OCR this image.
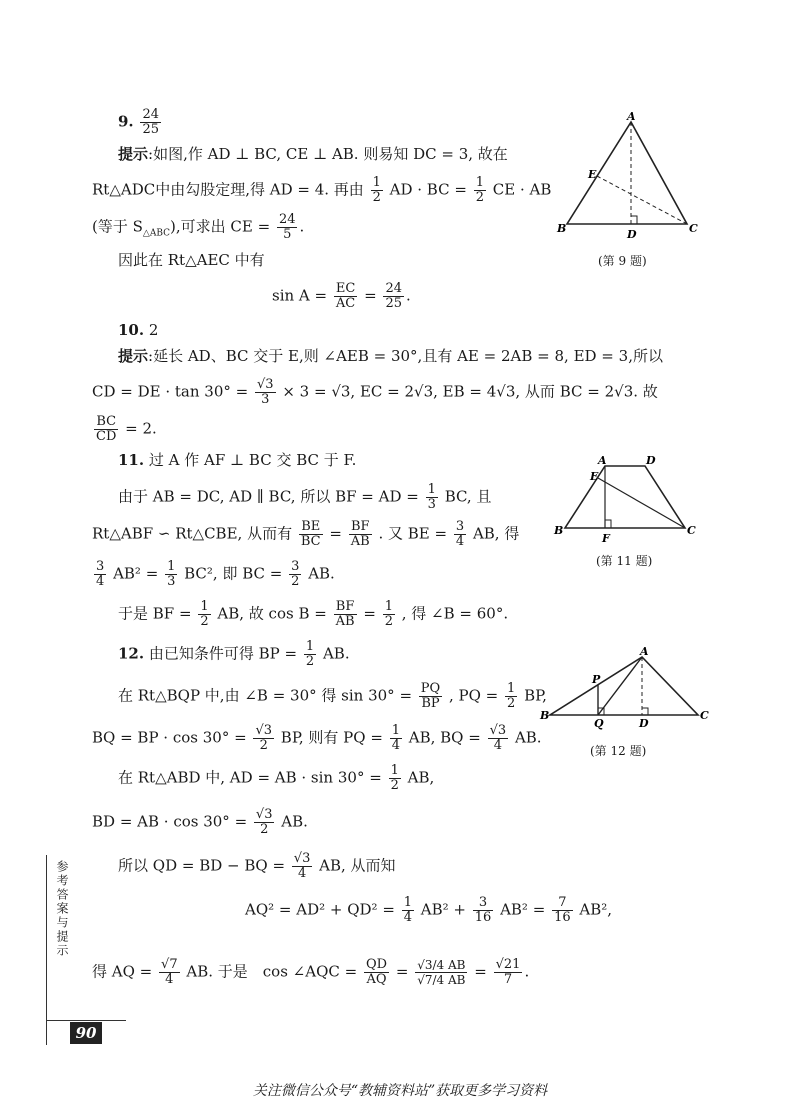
9. $\frac{24}{25}$
提示:如图,作 AD ⊥ BC, CE ⊥ AB. 则易知 DC = 3, 故在
Rt△ADC中由勾股定理,得 AD = 4. 再由 $\frac{1}{2}$ AD · BC = $\frac{1}{2}$ CE · AB
(等于 $S_{\triangle ABC}$),可求出 CE = $\frac{24}{5}$ .
因此在 Rt△AEC 中有
$\sin A = \frac{EC}{AC} = \frac{24}{25}$ .
A
B	C
D
E
(第 9 题)
10. 2
提示:延长 AD、BC 交于 E,则 ∠AEB = 30°,且有 AE = 2AB = 8, ED = 3,所以
CD = DE · $\tan 30^\circ = \frac{√3}{3} \times 3 = √3$, EC = 2√3, EB = 4√3, 从而 BC = 2√3. 故
$\frac{BC}{CD} = 2$.
11. 过 A 作 AF ⊥ BC 交 BC 于 F.
由于 AB = DC, AD ∥ BC, 所以 BF = AD = $\frac{1}{3}$ BC, 且
Rt△ABF ∽ Rt△CBE, 从而有 $\frac{BE}{BC} = \frac{BF}{AB}$ . 又 BE = $\frac{3}{4}$ AB, 得
$\frac{3}{4} AB^2 = \frac{1}{3} BC^2$, 即 BC = $\frac{3}{2}$ AB.
于是 BF = $\frac{1}{2}$ AB, 故 $\cos B = \frac{BF}{AB} = \frac{1}{2}$ , 得 ∠B = 60°.
A	D
B	C
E
F
(第 11 题)
12. 由已知条件可得 BP = $\frac{1}{2}$ AB.
在 Rt△BQP 中,由 ∠B = 30° 得 $\sin 30^\circ = \frac{PQ}{BP}$ , PQ = $\frac{1}{2}$ BP,
BQ = BP · $\cos 30^\circ = \frac{√3}{2}$ BP, 则有 PQ = $\frac{1}{4}$ AB, BQ = $\frac{√3}{4}$ AB.
在 Rt△ABD 中, AD = AB · $\sin 30^\circ = \frac{1}{2}$ AB,
BD = AB · $\cos 30^\circ = \frac{√3}{2}$ AB.
所以 QD = BD − BQ = $\frac{√3}{4}$ AB, 从而知
$AQ^2 = AD^2 + QD^2 = \frac{1}{4} AB^2 + \frac{3}{16} AB^2 = \frac{7}{16} AB^2$,
得 AQ = $\frac{√7}{4}$ AB. 于是　cos ∠AQC = $\frac{QD}{AQ} = \frac{√3/4 AB}{√7/4 AB} = \frac{√21}{7}$ .
A
B	C
P
Q	D
(第 12 题)
参考答案与提示
90
关注微信公众号“教辅资料站”获取更多学习资料
